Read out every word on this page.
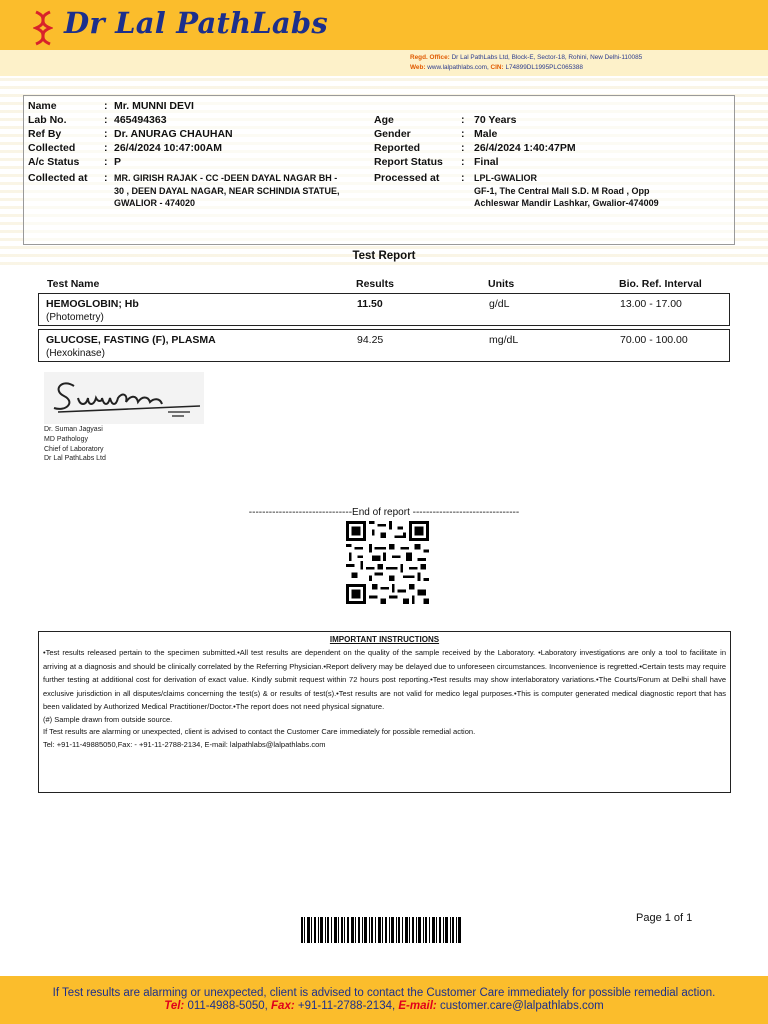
Dr Lal PathLabs
Regd. Office: Dr Lal PathLabs Ltd, Block-E, Sector-18, Rohini, New Delhi-110085
Web: www.lalpathlabs.com, CIN: L74899DL1995PLC065388
Name	: Mr. MUNNI DEVI
Lab No.	: 465494363
Ref By	: Dr. ANURAG CHAUHAN
Collected	: 26/4/2024 10:47:00AM
A/c Status : P
Collected at : MR. GIRISH RAJAK - CC -DEEN DAYAL NAGAR BH - 30 , DEEN DAYAL NAGAR, NEAR SCHINDIA STATUE, GWALIOR - 474020
Age	: 70 Years
Gender	: Male
Reported	: 26/4/2024 1:40:47PM
Report Status : Final
Processed at : LPL-GWALIOR
GF-1, The Central Mall S.D. M Road , Opp Achleswar Mandir Lashkar, Gwalior-474009
Test Report
Test Name	Results	Units	Bio. Ref. Interval
HEMOGLOBIN; Hb
(Photometry)
11.50	g/dL	13.00 - 17.00
GLUCOSE, FASTING (F), PLASMA
(Hexokinase)
94.25	mg/dL	70.00 - 100.00
Dr. Suman Jagyasi
MD Pathology
Chief of Laboratory
Dr Lal PathLabs Ltd
-------------------------------End of report --------------------------------
IMPORTANT INSTRUCTIONS
•Test results released pertain to the specimen submitted.•All test results are dependent on the quality of the sample received by the Laboratory. •Laboratory investigations are only a tool to facilitate in arriving at a diagnosis and should be clinically correlated by the Referring Physician.•Report delivery may be delayed due to unforeseen circumstances. Inconvenience is regretted.•Certain tests may require further testing at additional cost for derivation of exact value. Kindly submit request within 72 hours post reporting.•Test results may show interlaboratory variations.•The Courts/Forum at Delhi shall have exclusive jurisdiction in all disputes/claims concerning the test(s) & or results of test(s).•Test results are not valid for medico legal purposes.•This is computer generated medical diagnostic report that has been validated by Authorized Medical Practitioner/Doctor.•The report does not need physical signature.
(#) Sample drawn from outside source.
If Test results are alarming or unexpected, client is advised to contact the Customer Care immediately for possible remedial action.
Tel: +91-11-49885050,Fax: - +91-11-2788-2134, E-mail: lalpathlabs@lalpathlabs.com
Page 1 of 1
If Test results are alarming or unexpected, client is advised to contact the Customer Care immediately for possible remedial action.
Tel: 011-4988-5050, Fax: +91-11-2788-2134, E-mail: customer.care@lalpathlabs.com
